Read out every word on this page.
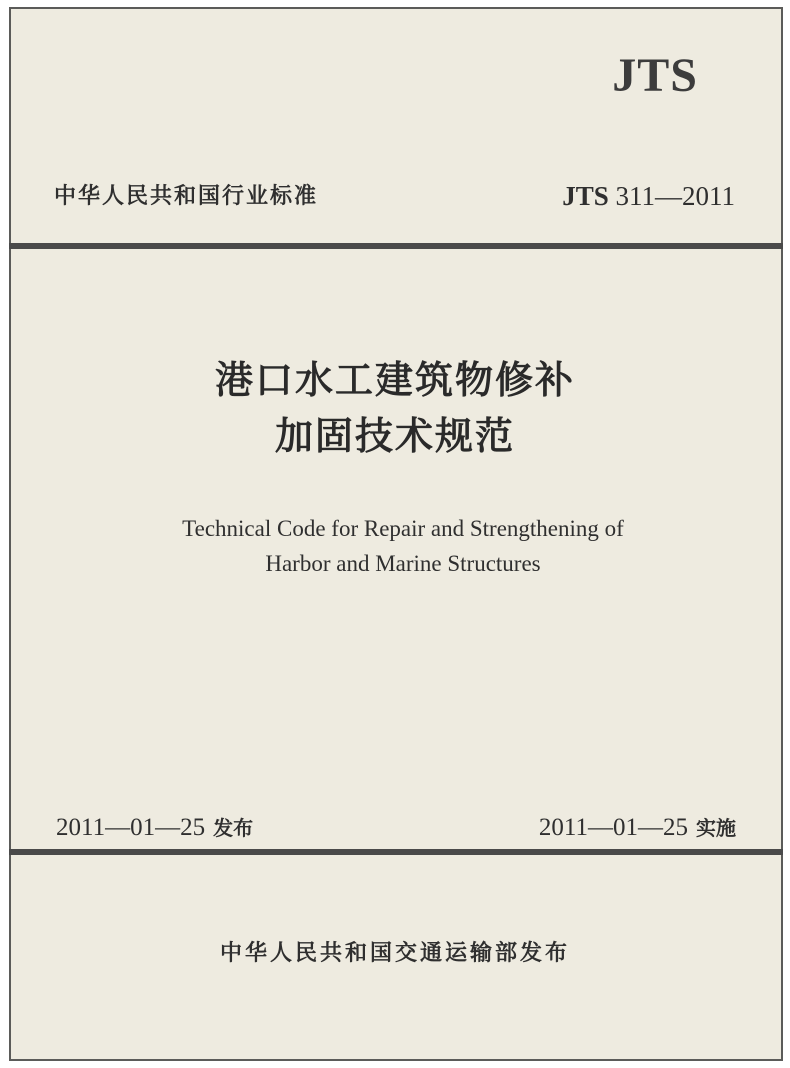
JTS
中华人民共和国行业标准	JTS 311—2011
港口水工建筑物修补
加固技术规范
Technical Code for Repair and Strengthening of
Harbor and Marine Structures
2011—01—25 发布	2011—01—25 实施
中华人民共和国交通运输部发布
